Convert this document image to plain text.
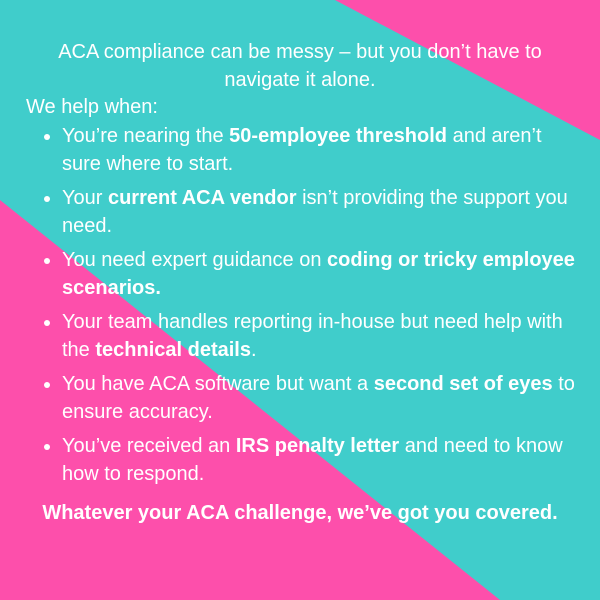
ACA compliance can be messy – but you don’t have to navigate it alone.
We help when:
You’re nearing the 50-employee threshold and aren’t sure where to start.
Your current ACA vendor isn’t providing the support you need.
You need expert guidance on coding or tricky employee scenarios.
Your team handles reporting in-house but need help with the technical details.
You have ACA software but want a second set of eyes to ensure accuracy.
You’ve received an IRS penalty letter and need to know how to respond.
Whatever your ACA challenge, we’ve got you covered.
